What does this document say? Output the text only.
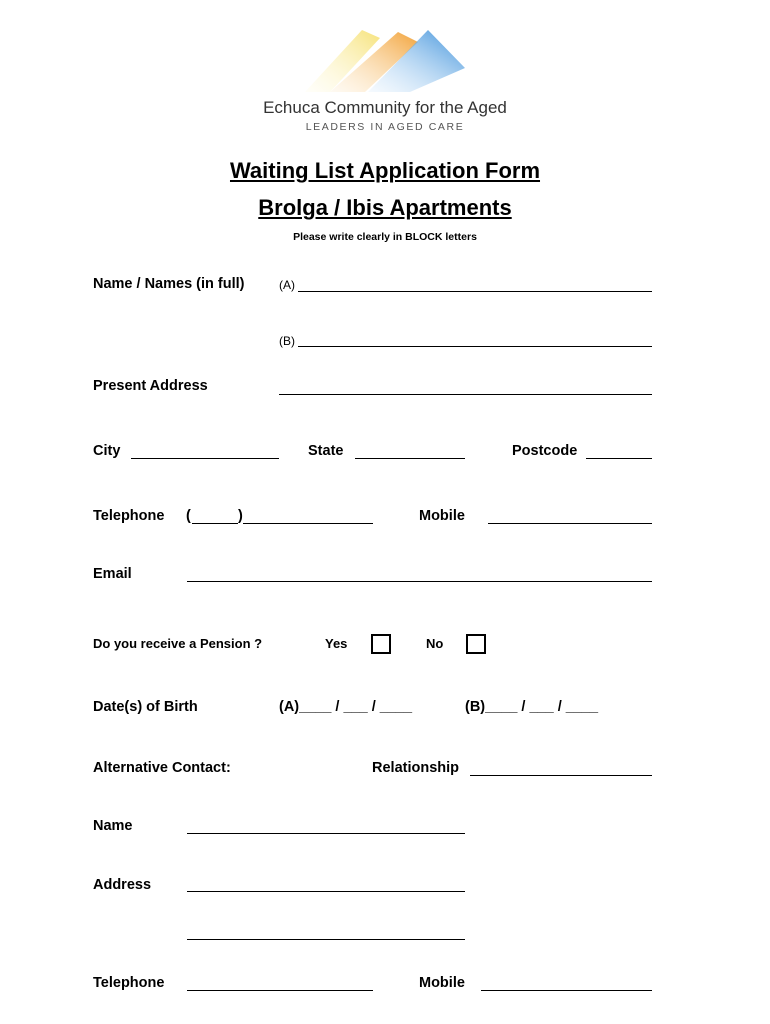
Echuca Community for the Aged
LEADERS IN AGED CARE
Waiting List Application Form
Brolga / Ibis Apartments
Please write clearly in BLOCK letters
Name / Names (in full)	(A)
(B)
Present Address
City	State	Postcode
Telephone (	)	Mobile
Email
Do you receive a Pension ?	Yes	No
Date(s) of Birth	(A)____ / ___ / ____	(B)____ / ___ / ____
Alternative Contact:	Relationship
Name
Address
Telephone	Mobile
